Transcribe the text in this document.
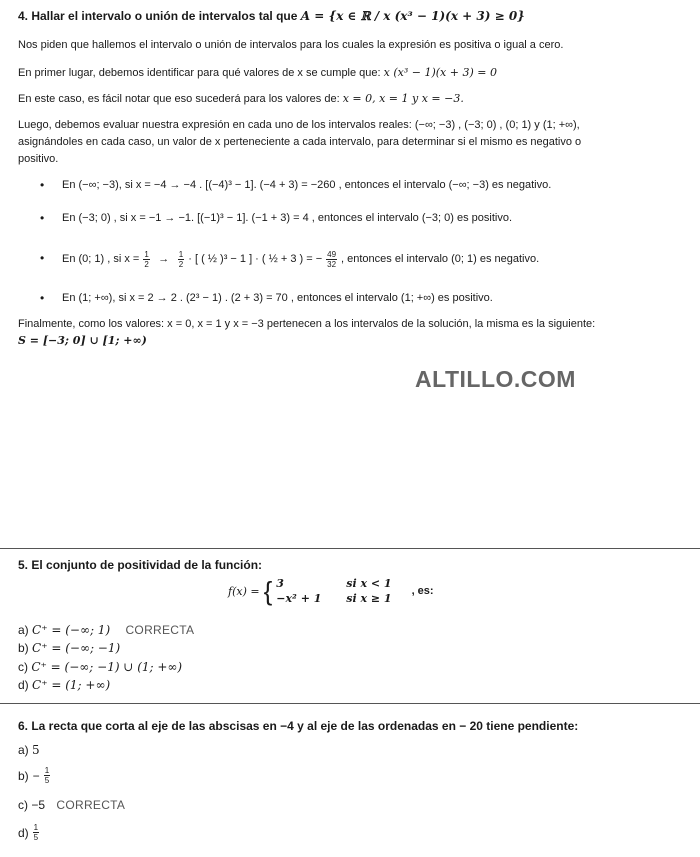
4. Hallar el intervalo o unión de intervalos tal que A = {x ∈ ℝ / x (x³ − 1)(x + 3) ≥ 0}
Nos piden que hallemos el intervalo o unión de intervalos para los cuales la expresión es positiva o igual a cero.
En primer lugar, debemos identificar para qué valores de x se cumple que: x (x³ − 1)(x + 3) = 0
En este caso, es fácil notar que eso sucederá para los valores de: x = 0, x = 1 y x = −3.
Luego, debemos evaluar nuestra expresión en cada uno de los intervalos reales: (−∞; −3) , (−3; 0) , (0; 1) y (1; +∞),
asignándoles en cada caso, un valor de x perteneciente a cada intervalo, para determinar si el mismo es negativo o
positivo.
• En (−∞; −3), si x = −4 → −4 . [(−4)³ − 1]. (−4 + 3) = −260 , entonces el intervalo (−∞; −3) es negativo.
• En (−3; 0) , si x = −1 → −1. [(−1)³ − 1]. (−1 + 3) = 4 , entonces el intervalo (−3; 0) es positivo.
• En (0; 1) , si $x = \frac{1}{2}$ →	$\frac{1}{2}$ · [ ( ½ )³ − 1 ] · ( ½ + 3 ) = − $\frac{49}{32}$ , entonces el intervalo (0; 1) es negativo.
• En (1; +∞), si x = 2 → 2 . (2³ − 1) . (2 + 3) = 70 , entonces el intervalo (1; +∞) es positivo.
Finalmente, como los valores: x = 0, x = 1 y x = −3 pertenecen a los intervalos de la solución, la misma es la siguiente:
S = [−3; 0] ∪ [1; +∞)
ALTILLO.COM
5. El conjunto de positividad de la función:
f(x) = { 3	si x < 1
−x² + 1	si x ≥ 1
, es:
a) C⁺ = (−∞; 1) CORRECTA
b) C⁺ = (−∞; −1)
c) C⁺ = (−∞; −1) ∪ (1; +∞)
d) C⁺ = (1; +∞)
6. La recta que corta al eje de las abscisas en −4 y al eje de las ordenadas en − 20 tiene pendiente:
a) 5
$b) - \frac{1}{5}$
c) −5 CORRECTA
$d) \frac{1}{5}$
